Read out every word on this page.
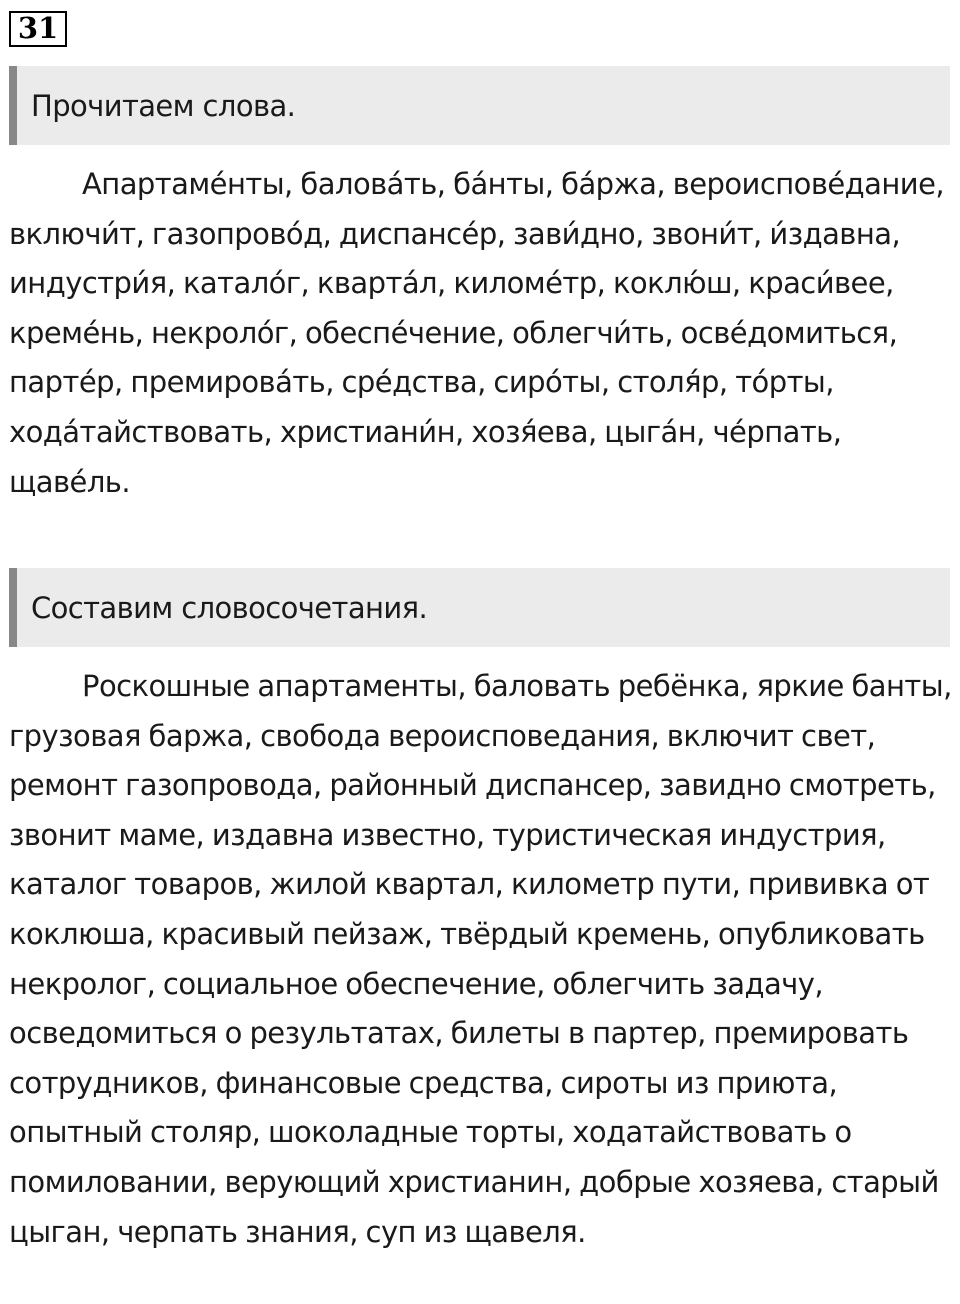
31
Прочитаем слова.

Апартаме́нты, балова́ть, ба́нты, ба́ржа, вероисповéдание, включи́т, газопрово́д, диспансéр, зави́дно, звони́т, и́здавна, индустри́я, катало́г, кварта́л, киломéтр, коклю́ш, краси́вее, кремéнь, некроло́г, обеспéчение, облегчи́ть, освéдомиться, партéр, премирова́ть, срéдства, сиро́ты, столя́р, то́рты, хода́тайствовать, христиани́н, хозя́ева, цыга́н, чéрпать, щавéль.

Составим словосочетания.

Роскошные апартаменты, баловать ребёнка, яркие банты, грузовая баржа, свобода вероисповедания, включит свет, ремонт газопровода, районный диспансер, завидно смотреть, звонит маме, издавна известно, туристическая индустрия, каталог товаров, жилой квартал, километр пути, прививка от коклюша, красивый пейзаж, твёрдый кремень, опубликовать некролог, социальное обеспечение, облегчить задачу, осведомиться о результатах, билеты в партер, премировать сотрудников, финансовые средства, сироты из приюта, опытный столяр, шоколадные торты, ходатайствовать о помиловании, верующий христианин, добрые хозяева, старый цыган, черпать знания, суп из щавеля.
